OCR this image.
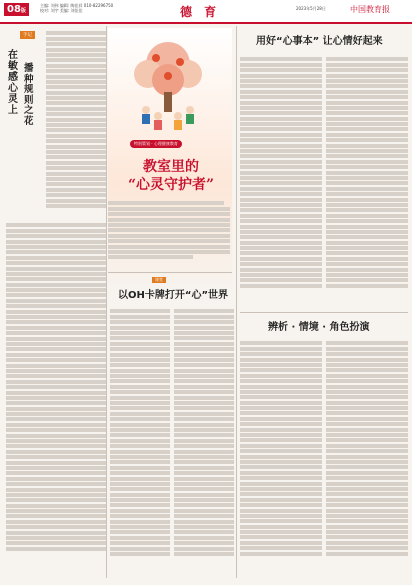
08版
主编: 刘伟 编辑: 陶佳祥 010-82296750
校对: 刘宇 美编: 刘佳佳	德 育	2023年5月28日	中国教育报
手记
在敏感心灵上
播种规则之花
特别策划 · 心理健康教育
教室里的
“心灵守护者”
课堂
以OH卡牌打开“心”世界
用好“心事本” 让心情好起来
辨析 · 情境 · 角色扮演
